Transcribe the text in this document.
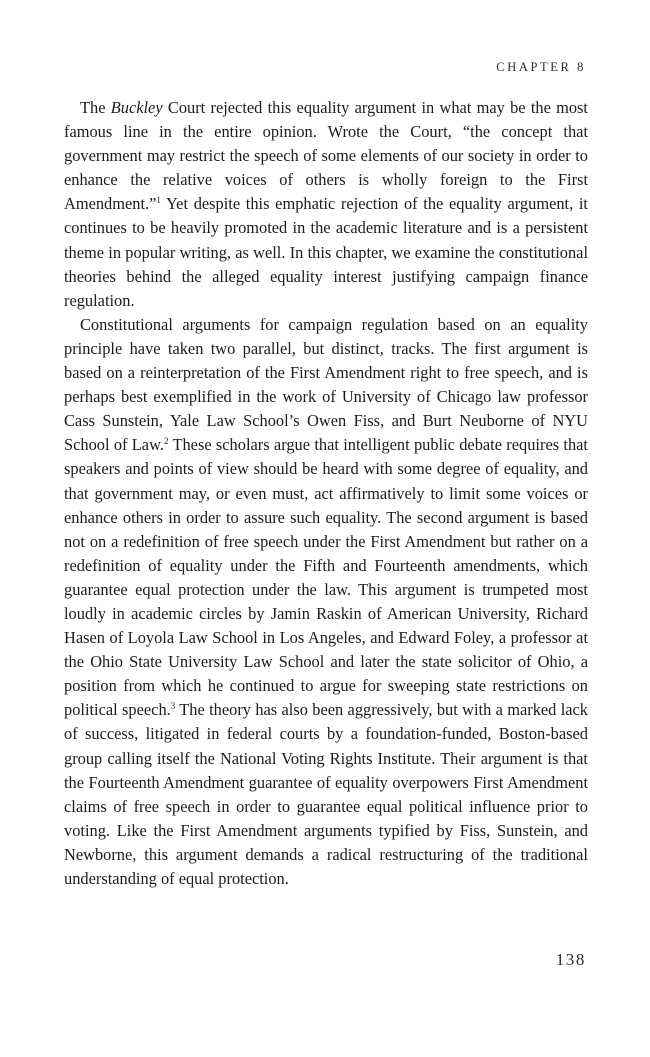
CHAPTER 8

The Buckley Court rejected this equality argument in what may be the most famous line in the entire opinion. Wrote the Court, “the concept that government may restrict the speech of some elements of our society in order to enhance the relative voices of others is wholly foreign to the First Amendment.”$^1$ Yet despite this emphatic rejection of the equality argument, it continues to be heavily promoted in the academic literature and is a persistent theme in popular writing, as well. In this chapter, we examine the constitutional theories behind the alleged equality interest justifying campaign finance regulation.

Constitutional arguments for campaign regulation based on an equality principle have taken two parallel, but distinct, tracks. The first argument is based on a reinterpretation of the First Amendment right to free speech, and is perhaps best exemplified in the work of University of Chicago law professor Cass Sunstein, Yale Law School’s Owen Fiss, and Burt Neuborne of NYU School of Law.$^2$ These scholars argue that intelligent public debate requires that speakers and points of view should be heard with some degree of equality, and that government may, or even must, act affirmatively to limit some voices or enhance others in order to assure such equality. The second argument is based not on a redefinition of free speech under the First Amendment but rather on a redefinition of equality under the Fifth and Fourteenth amendments, which guarantee equal protection under the law. This argument is trumpeted most loudly in academic circles by Jamin Raskin of American University, Richard Hasen of Loyola Law School in Los Angeles, and Edward Foley, a professor at the Ohio State University Law School and later the state solicitor of Ohio, a position from which he continued to argue for sweeping state restrictions on political speech.$^3$ The theory has also been aggressively, but with a marked lack of success, litigated in federal courts by a foundation-funded, Boston-based group calling itself the National Voting Rights Institute. Their argument is that the Fourteenth Amendment guarantee of equality overpowers First Amendment claims of free speech in order to guarantee equal political influence prior to voting. Like the First Amendment arguments typified by Fiss, Sunstein, and Newborne, this argument demands a radical restructuring of the traditional understanding of equal protection.

138
